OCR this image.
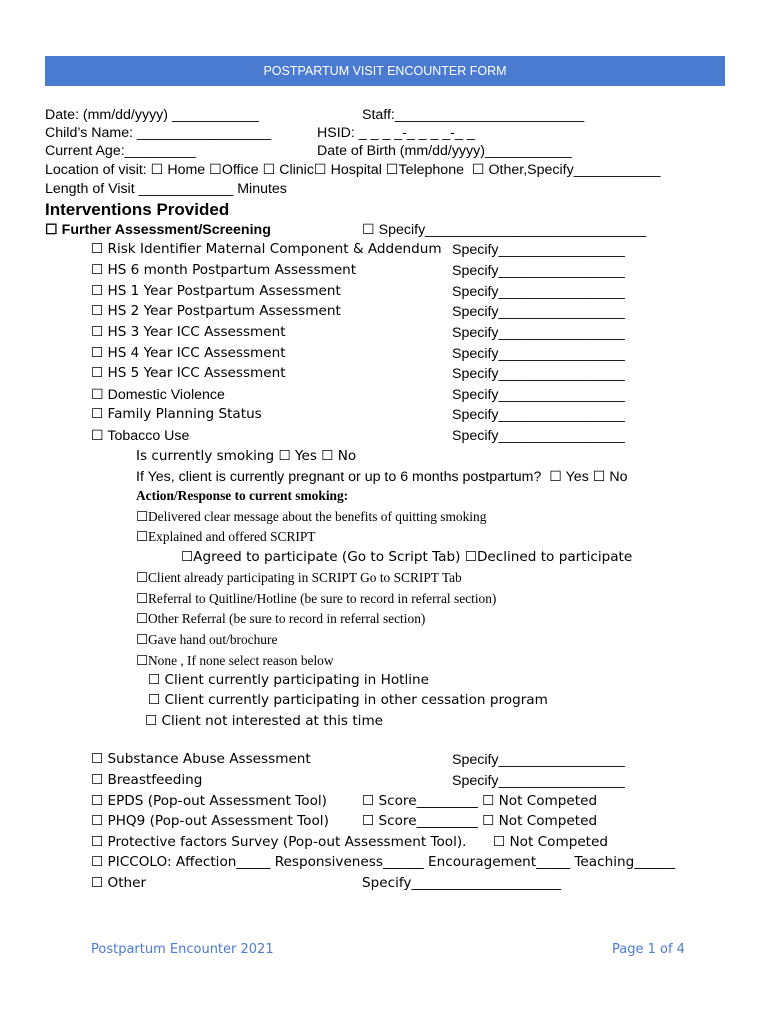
POSTPARTUM VISIT ENCOUNTER FORM
Date: (mm/dd/yyyy) ___________	Staff:________________________
Child’s Name: _________________	HSID: _ _ _ _-_ _ _ _-_ _
Current Age:_________	Date of Birth (mm/dd/yyyy)___________
Location of visit: ☐ Home ☐Office ☐ Clinic☐ Hospital ☐Telephone  ☐ Other,Specify___________
Length of Visit ____________ Minutes
Interventions Provided
☐ Further Assessment/Screening	☐ Specify____________________________
☐ Risk Identifier Maternal Component & Addendum Specify________________
☐ HS 6 month Postpartum Assessment	Specify________________
☐ HS 1 Year Postpartum Assessment	Specify________________
☐ HS 2 Year Postpartum Assessment	Specify________________
☐ HS 3 Year ICC Assessment	Specify________________
☐ HS 4 Year ICC Assessment	Specify________________
☐ HS 5 Year ICC Assessment	Specify________________
☐ Domestic Violence	Specify________________
☐ Family Planning Status	Specify________________
☐ Tobacco Use	Specify________________
Is currently smoking ☐ Yes ☐ No
If Yes, client is currently pregnant or up to 6 months postpartum?  ☐ Yes ☐ No
Action/Response to current smoking:
☐Delivered clear message about the benefits of quitting smoking
☐Explained and offered SCRIPT
☐Agreed to participate (Go to Script Tab) ☐Declined to participate
☐Client already participating in SCRIPT Go to SCRIPT Tab
☐Referral to Quitline/Hotline (be sure to record in referral section)
☐Other Referral (be sure to record in referral section)
☐Gave hand out/brochure
☐None , If none select reason below
☐ Client currently participating in Hotline
☐ Client currently participating in other cessation program
☐ Client not interested at this time
☐ Substance Abuse Assessment	Specify________________
☐ Breastfeeding	Specify________________
☐ EPDS (Pop-out Assessment Tool)	☐ Score_________ ☐ Not Competed
☐ PHQ9 (Pop-out Assessment Tool) ☐ Score_________ ☐ Not Competed
☐ Protective factors Survey (Pop-out Assessment Tool). ☐ Not Competed
☐ PICCOLO: Affection_____ Responsiveness______ Encouragement_____ Teaching______
☐ Other	Specify______________________
Postpartum Encounter 2021	Page 1 of 4
